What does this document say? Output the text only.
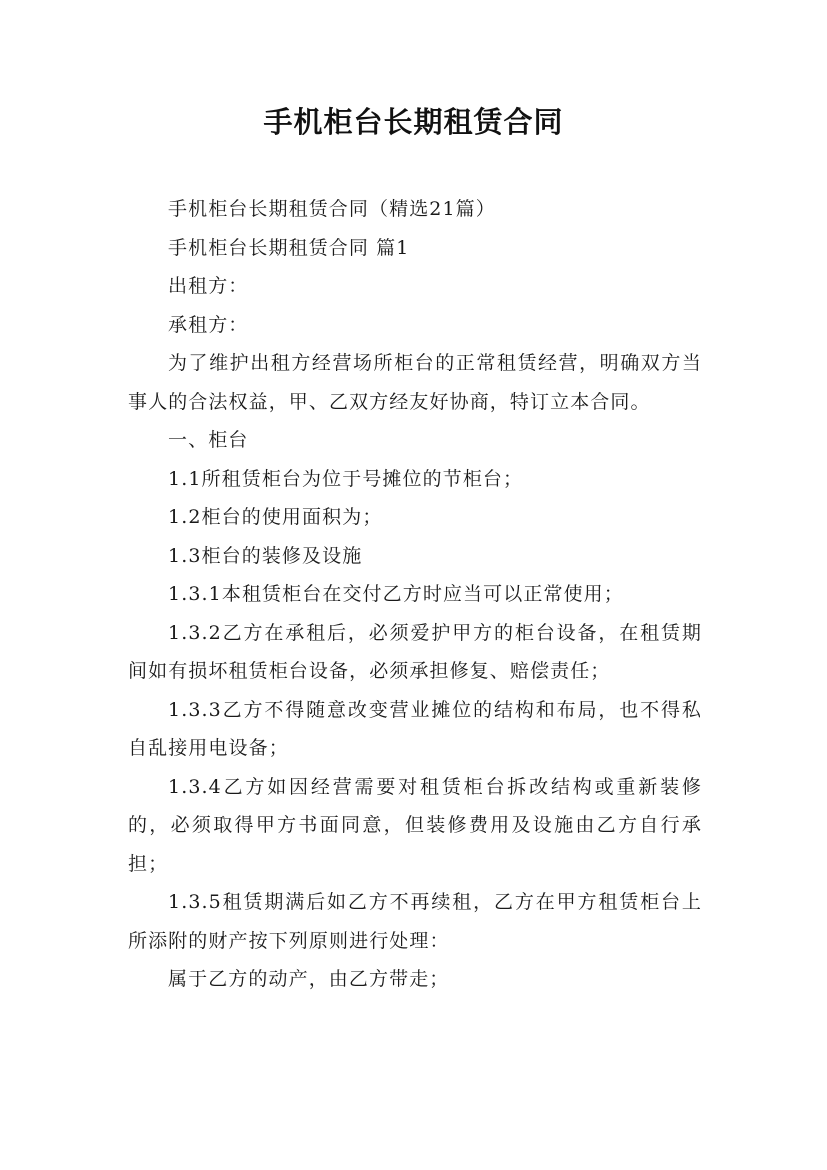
手机柜台长期租赁合同

手机柜台长期租赁合同（精选21篇）

手机柜台长期租赁合同 篇1

出租方：

承租方：

为了维护出租方经营场所柜台的正常租赁经营，明确双方当事人的合法权益，甲、乙双方经友好协商，特订立本合同。

一、柜台

1.1所租赁柜台为位于号摊位的节柜台；

1.2柜台的使用面积为；

1.3柜台的装修及设施

1.3.1本租赁柜台在交付乙方时应当可以正常使用；

1.3.2乙方在承租后，必须爱护甲方的柜台设备，在租赁期间如有损坏租赁柜台设备，必须承担修复、赔偿责任；

1.3.3乙方不得随意改变营业摊位的结构和布局，也不得私自乱接用电设备；

1.3.4乙方如因经营需要对租赁柜台拆改结构或重新装修的，必须取得甲方书面同意，但装修费用及设施由乙方自行承担；

1.3.5租赁期满后如乙方不再续租，乙方在甲方租赁柜台上所添附的财产按下列原则进行处理：

属于乙方的动产，由乙方带走；
